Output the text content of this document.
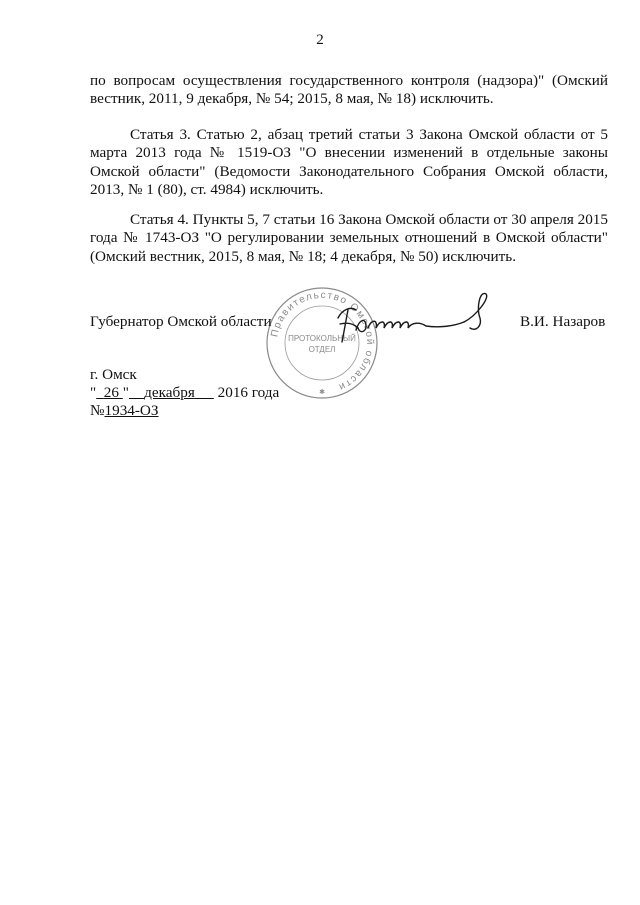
2
по вопросам осуществления государственного контроля (надзора)" (Омский вестник, 2011, 9 декабря, № 54; 2015, 8 мая, № 18) исключить.
Статья 3. Статью 2, абзац третий статьи 3 Закона Омской области от 5 марта 2013 года № 1519-ОЗ "О внесении изменений в отдельные законы Омской области" (Ведомости Законодательного Собрания Омской области, 2013, № 1 (80), ст. 4984) исключить.
Статья 4. Пункты 5, 7 статьи 16 Закона Омской области от 30 апреля 2015 года № 1743-ОЗ "О регулировании земельных отношений в Омской области" (Омский вестник, 2015, 8 мая, № 18; 4 декабря, № 50) исключить.
Правительство Омской области
ПРОТОКОЛЬНЫЙ
ОТДЕЛ
✱
Губернатор Омской области	В.И. Назаров
г. Омск
" 26 " декабря 2016 года
№1934-ОЗ
